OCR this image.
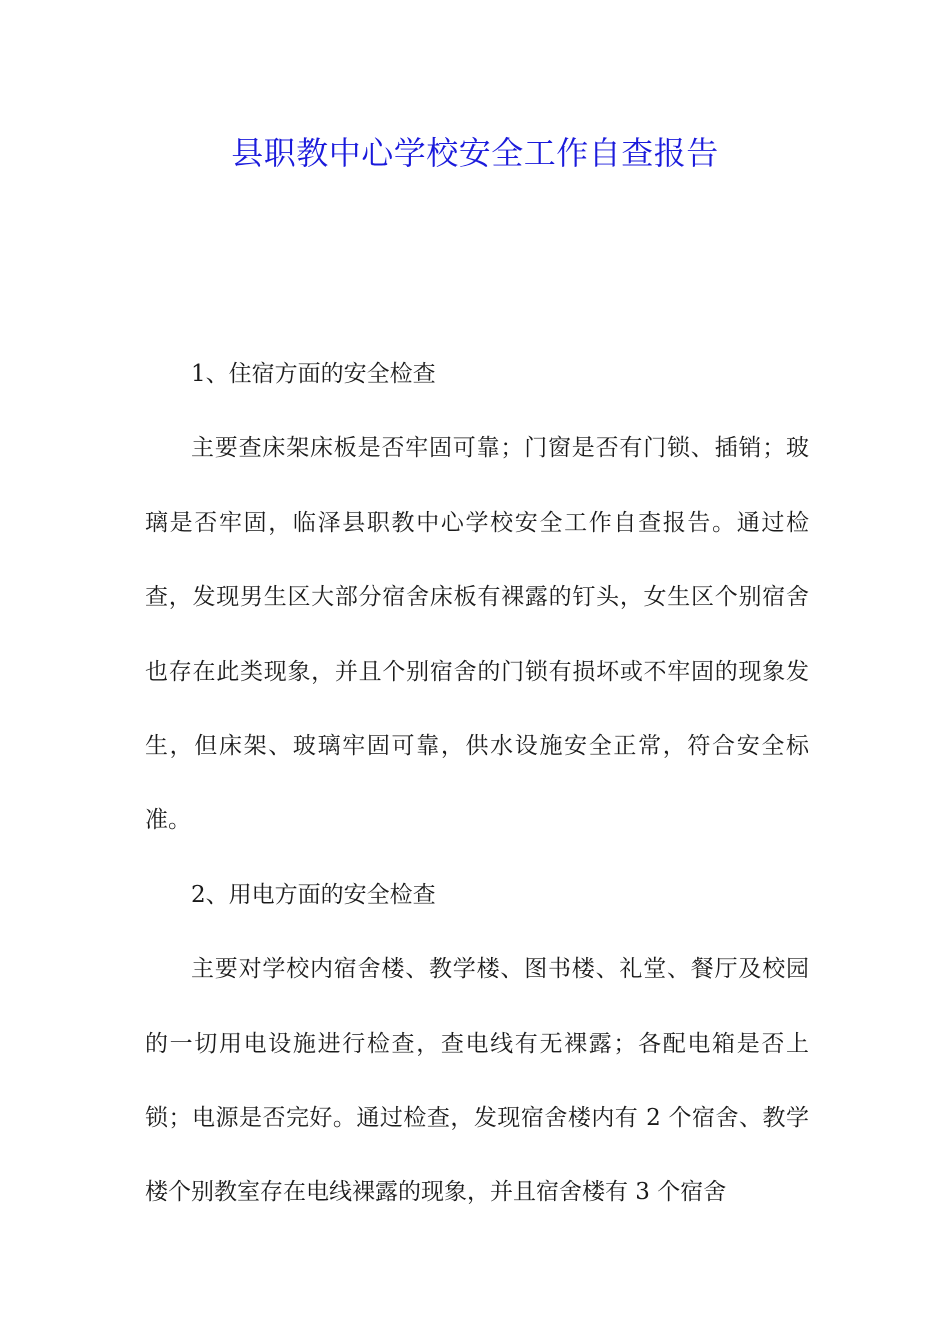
县职教中心学校安全工作自查报告

1、住宿方面的安全检查

主要查床架床板是否牢固可靠；门窗是否有门锁、插销；玻璃是否牢固，临泽县职教中心学校安全工作自查报告。通过检查，发现男生区大部分宿舍床板有裸露的钉头，女生区个别宿舍也存在此类现象，并且个别宿舍的门锁有损坏或不牢固的现象发生，但床架、玻璃牢固可靠，供水设施安全正常，符合安全标准。

2、用电方面的安全检查

主要对学校内宿舍楼、教学楼、图书楼、礼堂、餐厅及校园的一切用电设施进行检查，查电线有无裸露；各配电箱是否上锁；电源是否完好。通过检查，发现宿舍楼内有 2 个宿舍、教学楼个别教室存在电线裸露的现象，并且宿舍楼有 3 个宿舍
